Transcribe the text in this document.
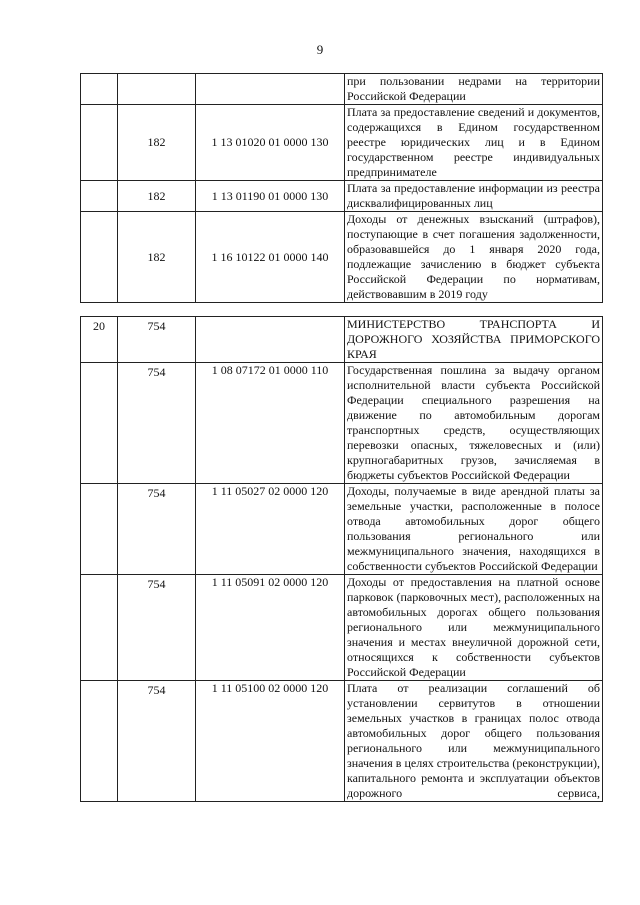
9
			при пользовании недрами на территории Российской Федерации
	182	1 13 01020 01 0000 130	Плата за предоставление сведений и документов, содержащихся в Едином государственном реестре юридических лиц и в Едином государственном реестре индивидуальных предпринимателе
	182	1 13 01190 01 0000 130	Плата за предоставление информации из реестра дисквалифицированных лиц
	182	1 16 10122 01 0000 140	Доходы от денежных взысканий (штрафов), поступающие в счет погашения задолженности, образовавшейся до 1 января 2020 года, подлежащие зачислению в бюджет субъекта Российской Федерации по нормативам, действовавшим в 2019 году
20	754		МИНИСТЕРСТВО ТРАНСПОРТА И ДОРОЖНОГО ХОЗЯЙСТВА ПРИМОРСКОГО КРАЯ
	754	1 08 07172 01 0000 110	Государственная пошлина за выдачу органом исполнительной власти субъекта Российской Федерации специального разрешения на движение по автомобильным дорогам транспортных средств, осуществляющих перевозки опасных, тяжеловесных и (или) крупногабаритных грузов, зачисляемая в бюджеты субъектов Российской Федерации
	754	1 11 05027 02 0000 120	Доходы, получаемые в виде арендной платы за земельные участки, расположенные в полосе отвода автомобильных дорог общего пользования регионального или межмуниципального значения, находящихся в собственности субъектов Российской Федерации
	754	1 11 05091 02 0000 120	Доходы от предоставления на платной основе парковок (парковочных мест), расположенных на автомобильных дорогах общего пользования регионального или межмуниципального значения и местах внеуличной дорожной сети, относящихся к собственности субъектов Российской Федерации
	754	1 11 05100 02 0000 120	Плата от реализации соглашений об установлении сервитутов в отношении земельных участков в границах полос отвода автомобильных дорог общего пользования регионального или межмуниципального значения в целях строительства (реконструкции), капитального ремонта и эксплуатации объектов дорожного сервиса,
